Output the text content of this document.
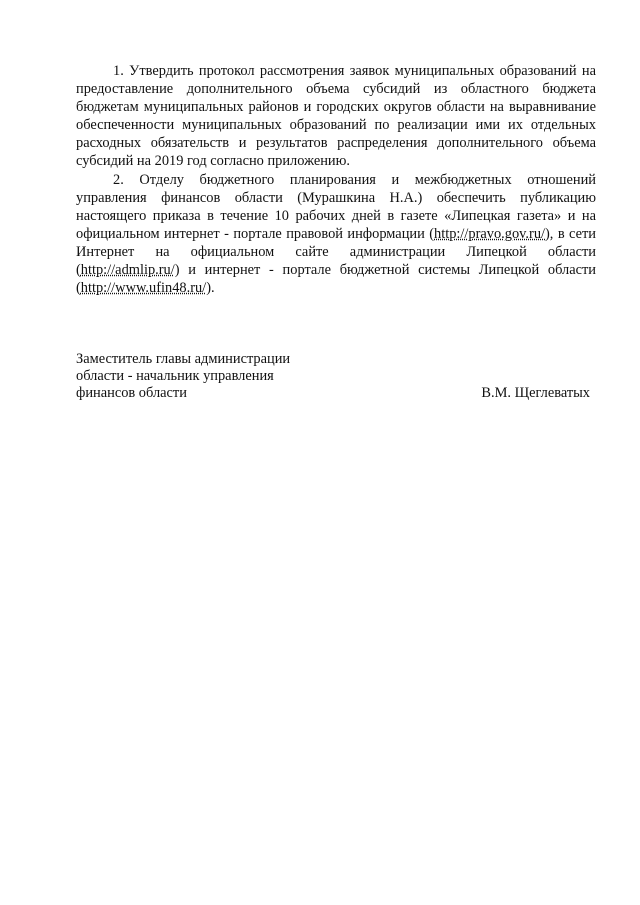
1. Утвердить протокол рассмотрения заявок муниципальных образований на предоставление дополнительного объема субсидий из областного бюджета бюджетам муниципальных районов и городских округов области на выравнивание обеспеченности муниципальных образований по реализации ими их отдельных расходных обязательств и результатов распределения дополнительного объема субсидий на 2019 год согласно приложению.

2. Отделу бюджетного планирования и межбюджетных отношений управления финансов области (Мурашкина Н.А.) обеспечить публикацию настоящего приказа в течение 10 рабочих дней в газете «Липецкая газета» и на официальном интернет - портале правовой информации (http://pravo.gov.ru/), в сети Интернет на официальном сайте администрации Липецкой области (http://admlip.ru/) и интернет - портале бюджетной системы Липецкой области (http://www.ufin48.ru/).

Заместитель главы администрации
области - начальник управления
финансов области	В.М. Щеглеватых
